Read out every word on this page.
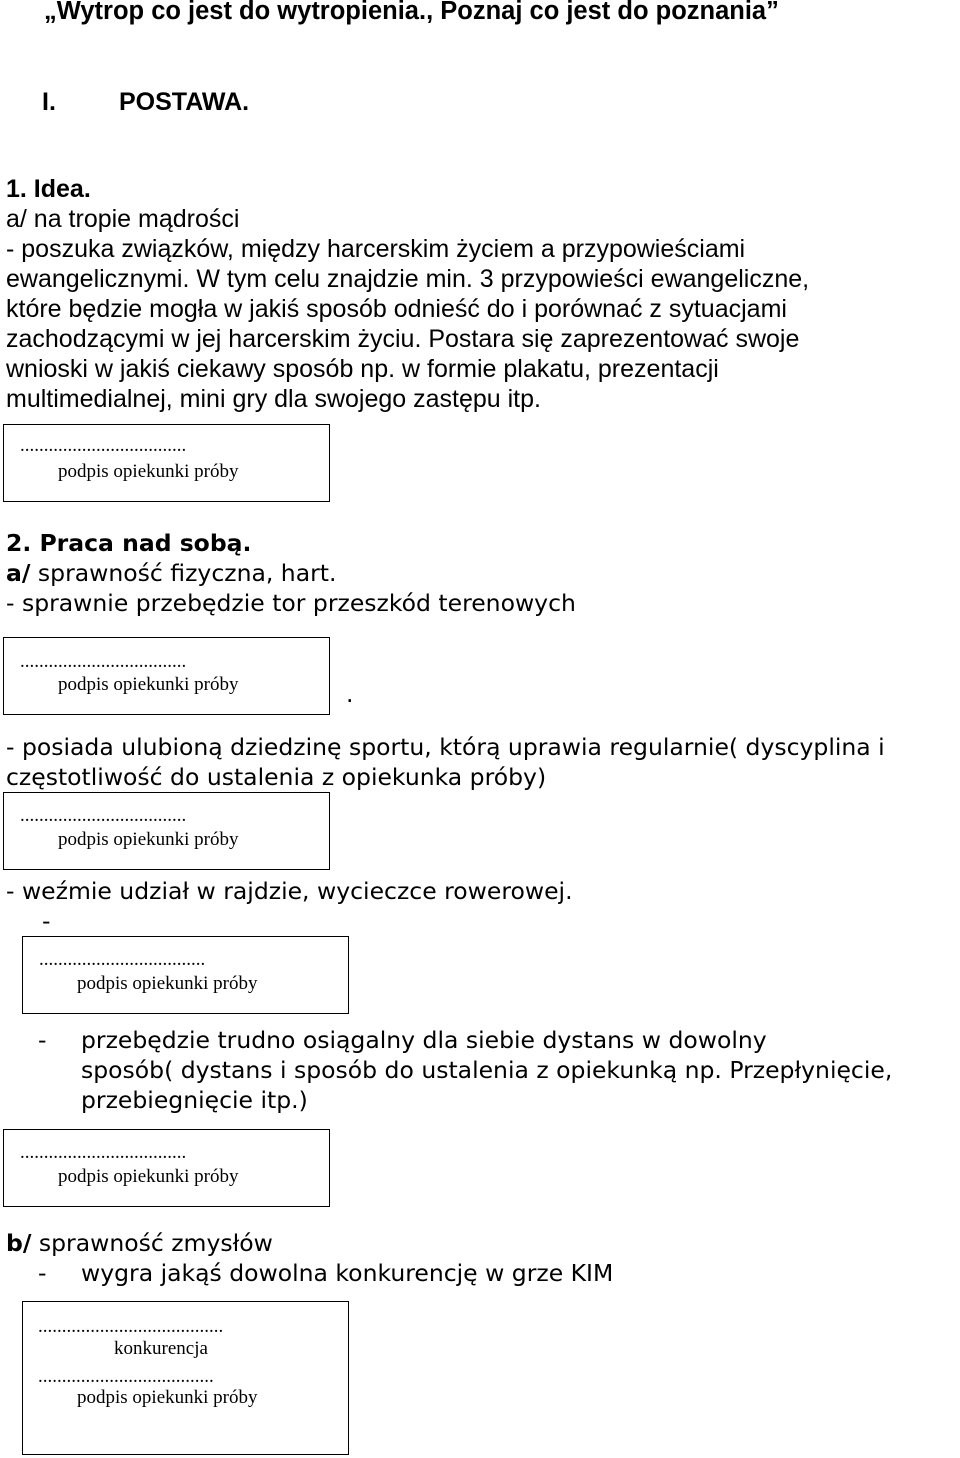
„Wytrop co jest do wytropienia., Poznaj co jest do poznania”
I.	POSTAWA.
1. Idea.
a/ na tropie mądrości
- poszuka związków, między harcerskim życiem a przypowieściami
ewangelicznymi. W tym celu znajdzie min. 3 przypowieści ewangeliczne,
które będzie mogła w jakiś sposób odnieść do i porównać z sytuacjami
zachodzącymi w jej harcerskim życiu. Postara się zaprezentować swoje
wnioski w jakiś ciekawy sposób np. w formie plakatu, prezentacji
multimedialnej, mini gry dla swojego zastępu itp.
...................................
podpis opiekunki próby
2. Praca nad sobą.
a/ sprawność fizyczna, hart.
- sprawnie przebędzie tor przeszkód terenowych
...................................
podpis opiekunki próby	.
- posiada ulubioną dziedzinę sportu, którą uprawia regularnie( dyscyplina i
częstotliwość do ustalenia z opiekunka próby)
...................................
podpis opiekunki próby
- weźmie udział w rajdzie, wycieczce rowerowej.
-
...................................
podpis opiekunki próby
- przebędzie trudno osiągalny dla siebie dystans w dowolny
sposób( dystans i sposób do ustalenia z opiekunką np. Przepłynięcie,
przebiegnięcie itp.)
...................................
podpis opiekunki próby
b/ sprawność zmysłów
- wygra jakąś dowolna konkurencję w grze KIM
.......................................
konkurencja
.....................................
podpis opiekunki próby
